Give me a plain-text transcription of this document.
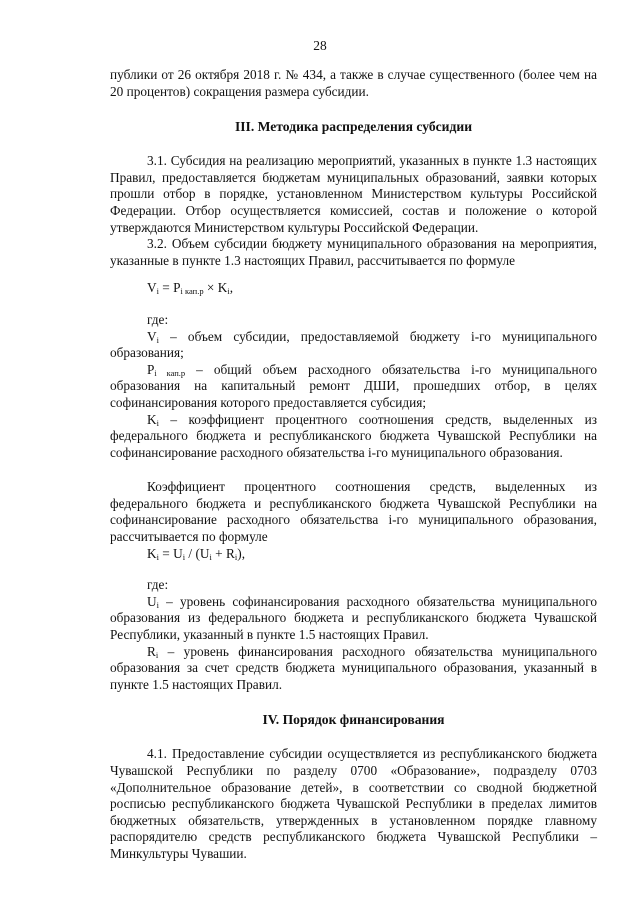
28

публики от 26 октября 2018 г. № 434, а также в случае существенного (более чем на 20 процентов) сокращения размера субсидии.

III. Методика распределения субсидии

3.1. Субсидия на реализацию мероприятий, указанных в пункте 1.3 настоящих Правил, предоставляется бюджетам муниципальных образований, заявки которых прошли отбор в порядке, установленном Министерством культуры Российской Федерации. Отбор осуществляется комиссией, состав и положение о которой утверждаются Министерством культуры Российской Федерации.

3.2. Объем субсидии бюджету муниципального образования на мероприятия, указанные в пункте 1.3 настоящих Правил, рассчитывается по формуле

$V_i = P_{i кап.р} \times K_i$,

где:

$V_i$ – объем субсидии, предоставляемой бюджету i-го муниципального образования;

$P_{i кап.р}$ – общий объем расходного обязательства i-го муниципального образования на капитальный ремонт ДШИ, прошедших отбор, в целях софинансирования которого предоставляется субсидия;

$K_i$ – коэффициент процентного соотношения средств, выделенных из федерального бюджета и республиканского бюджета Чувашской Республики на софинансирование расходного обязательства i-го муниципального образования.

Коэффициент процентного соотношения средств, выделенных из федерального бюджета и республиканского бюджета Чувашской Республики на софинансирование расходного обязательства i-го муниципального образования, рассчитывается по формуле

$K_i = U_i / (U_i + R_i)$,

где:

$U_i$ – уровень софинансирования расходного обязательства муниципального образования из федерального бюджета и республиканского бюджета Чувашской Республики, указанный в пункте 1.5 настоящих Правил.

$R_i$ – уровень финансирования расходного обязательства муниципального образования за счет средств бюджета муниципального образования, указанный в пункте 1.5 настоящих Правил.

IV. Порядок финансирования

4.1. Предоставление субсидии осуществляется из республиканского бюджета Чувашской Республики по разделу 0700 «Образование», подразделу 0703 «Дополнительное образование детей», в соответствии со сводной бюджетной росписью республиканского бюджета Чувашской Республики в пределах лимитов бюджетных обязательств, утвержденных в установленном порядке главному распорядителю средств республиканского бюджета Чувашской Республики – Минкультуры Чувашии.
